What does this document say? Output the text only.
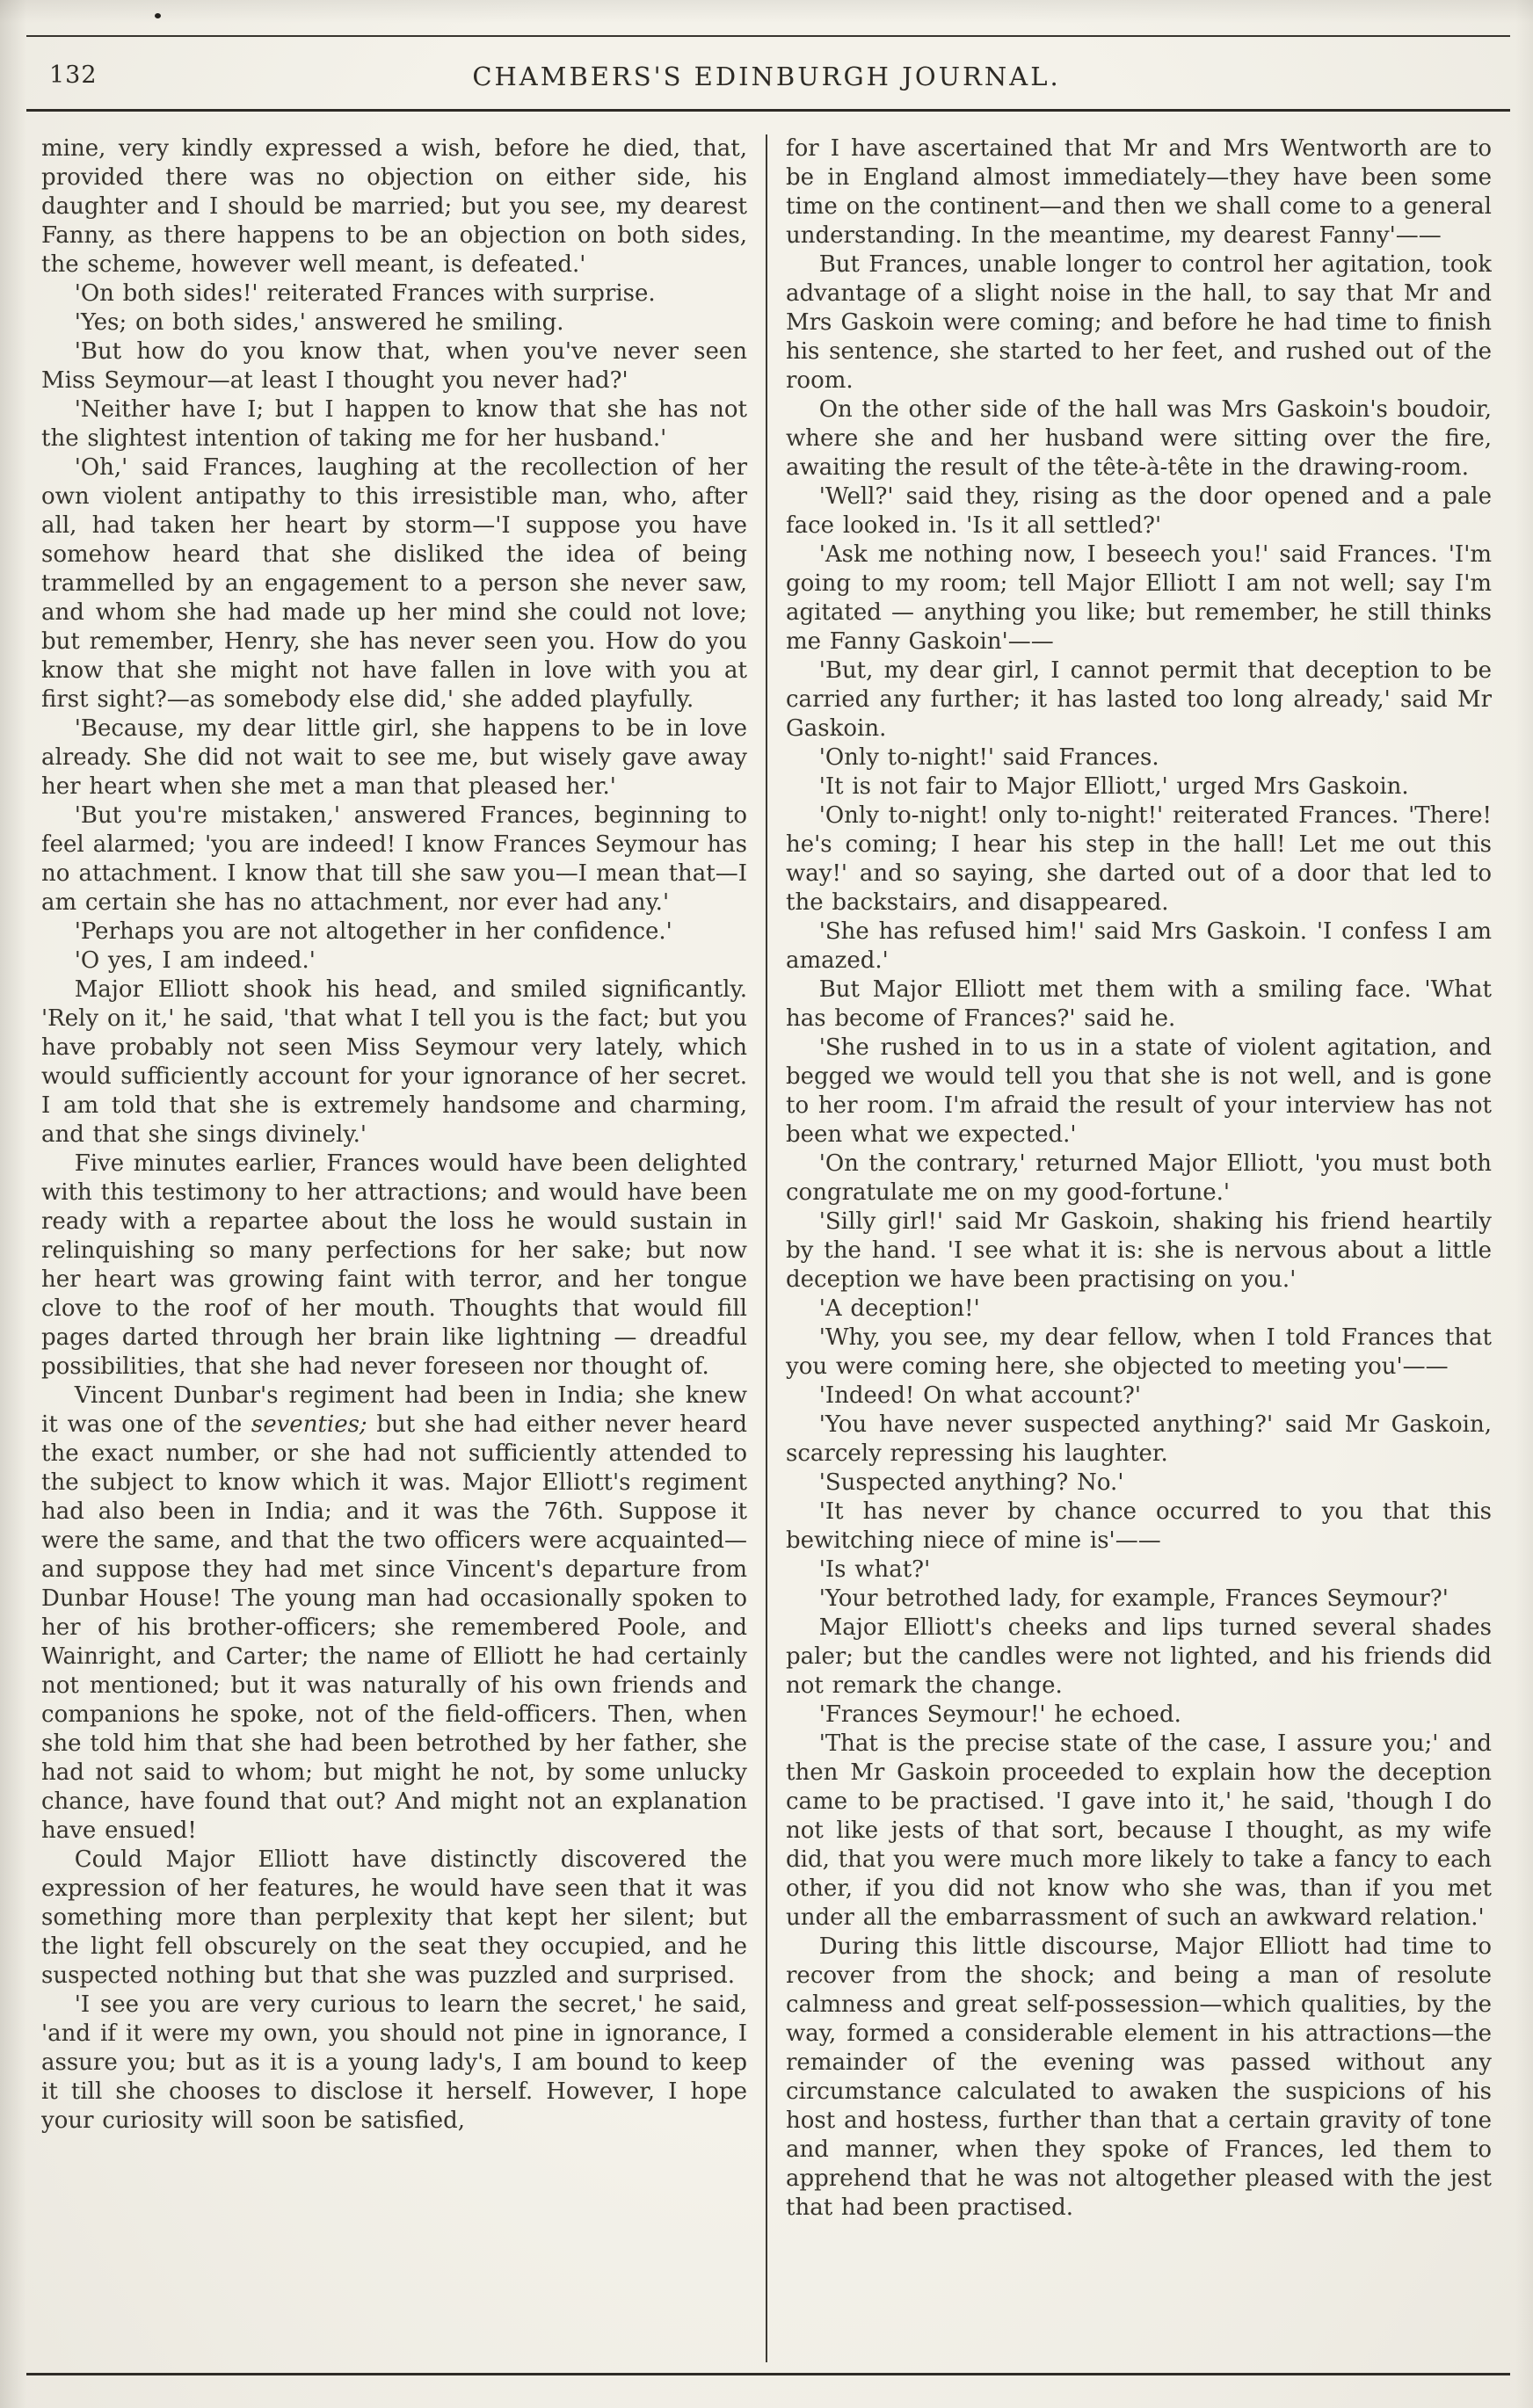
132	CHAMBERS'S EDINBURGH JOURNAL.

mine, very kindly expressed a wish, before he died, that, provided there was no objection on either side, his daughter and I should be married; but you see, my dearest Fanny, as there happens to be an objection on both sides, the scheme, however well meant, is defeated.'

'On both sides!' reiterated Frances with surprise.

'Yes; on both sides,' answered he smiling.

'But how do you know that, when you've never seen Miss Seymour—at least I thought you never had?'

'Neither have I; but I happen to know that she has not the slightest intention of taking me for her husband.'

'Oh,' said Frances, laughing at the recollection of her own violent antipathy to this irresistible man, who, after all, had taken her heart by storm—'I suppose you have somehow heard that she disliked the idea of being trammelled by an engagement to a person she never saw, and whom she had made up her mind she could not love; but remember, Henry, she has never seen you. How do you know that she might not have fallen in love with you at first sight?—as somebody else did,' she added playfully.

'Because, my dear little girl, she happens to be in love already. She did not wait to see me, but wisely gave away her heart when she met a man that pleased her.'

'But you're mistaken,' answered Frances, beginning to feel alarmed; 'you are indeed! I know Frances Seymour has no attachment. I know that till she saw you—I mean that—I am certain she has no attachment, nor ever had any.'

'Perhaps you are not altogether in her confidence.'

'O yes, I am indeed.'

Major Elliott shook his head, and smiled significantly. 'Rely on it,' he said, 'that what I tell you is the fact; but you have probably not seen Miss Seymour very lately, which would sufficiently account for your ignorance of her secret. I am told that she is extremely handsome and charming, and that she sings divinely.'

Five minutes earlier, Frances would have been delighted with this testimony to her attractions; and would have been ready with a repartee about the loss he would sustain in relinquishing so many perfections for her sake; but now her heart was growing faint with terror, and her tongue clove to the roof of her mouth. Thoughts that would fill pages darted through her brain like lightning — dreadful possibilities, that she had never foreseen nor thought of.

Vincent Dunbar's regiment had been in India; she knew it was one of the seventies; but she had either never heard the exact number, or she had not sufficiently attended to the subject to know which it was. Major Elliott's regiment had also been in India; and it was the 76th. Suppose it were the same, and that the two officers were acquainted—and suppose they had met since Vincent's departure from Dunbar House! The young man had occasionally spoken to her of his brother-officers; she remembered Poole, and Wainright, and Carter; the name of Elliott he had certainly not mentioned; but it was naturally of his own friends and companions he spoke, not of the field-officers. Then, when she told him that she had been betrothed by her father, she had not said to whom; but might he not, by some unlucky chance, have found that out? And might not an explanation have ensued!

Could Major Elliott have distinctly discovered the expression of her features, he would have seen that it was something more than perplexity that kept her silent; but the light fell obscurely on the seat they occupied, and he suspected nothing but that she was puzzled and surprised.

'I see you are very curious to learn the secret,' he said, 'and if it were my own, you should not pine in ignorance, I assure you; but as it is a young lady's, I am bound to keep it till she chooses to disclose it herself. However, I hope your curiosity will soon be satisfied,

for I have ascertained that Mr and Mrs Wentworth are to be in England almost immediately—they have been some time on the continent—and then we shall come to a general understanding. In the meantime, my dearest Fanny'——

But Frances, unable longer to control her agitation, took advantage of a slight noise in the hall, to say that Mr and Mrs Gaskoin were coming; and before he had time to finish his sentence, she started to her feet, and rushed out of the room.

On the other side of the hall was Mrs Gaskoin's boudoir, where she and her husband were sitting over the fire, awaiting the result of the tête-à-tête in the drawing-room.

'Well?' said they, rising as the door opened and a pale face looked in. 'Is it all settled?'

'Ask me nothing now, I beseech you!' said Frances. 'I'm going to my room; tell Major Elliott I am not well; say I'm agitated — anything you like; but remember, he still thinks me Fanny Gaskoin'——

'But, my dear girl, I cannot permit that deception to be carried any further; it has lasted too long already,' said Mr Gaskoin.

'Only to-night!' said Frances.

'It is not fair to Major Elliott,' urged Mrs Gaskoin.

'Only to-night! only to-night!' reiterated Frances. 'There! he's coming; I hear his step in the hall! Let me out this way!' and so saying, she darted out of a door that led to the backstairs, and disappeared.

'She has refused him!' said Mrs Gaskoin. 'I confess I am amazed.'

But Major Elliott met them with a smiling face. 'What has become of Frances?' said he.

'She rushed in to us in a state of violent agitation, and begged we would tell you that she is not well, and is gone to her room. I'm afraid the result of your interview has not been what we expected.'

'On the contrary,' returned Major Elliott, 'you must both congratulate me on my good-fortune.'

'Silly girl!' said Mr Gaskoin, shaking his friend heartily by the hand. 'I see what it is: she is nervous about a little deception we have been practising on you.'

'A deception!'

'Why, you see, my dear fellow, when I told Frances that you were coming here, she objected to meeting you'——

'Indeed! On what account?'

'You have never suspected anything?' said Mr Gaskoin, scarcely repressing his laughter.

'Suspected anything? No.'

'It has never by chance occurred to you that this bewitching niece of mine is'——

'Is what?'

'Your betrothed lady, for example, Frances Seymour?'

Major Elliott's cheeks and lips turned several shades paler; but the candles were not lighted, and his friends did not remark the change.

'Frances Seymour!' he echoed.

'That is the precise state of the case, I assure you;' and then Mr Gaskoin proceeded to explain how the deception came to be practised. 'I gave into it,' he said, 'though I do not like jests of that sort, because I thought, as my wife did, that you were much more likely to take a fancy to each other, if you did not know who she was, than if you met under all the embarrassment of such an awkward relation.'

During this little discourse, Major Elliott had time to recover from the shock; and being a man of resolute calmness and great self-possession—which qualities, by the way, formed a considerable element in his attractions—the remainder of the evening was passed without any circumstance calculated to awaken the suspicions of his host and hostess, further than that a certain gravity of tone and manner, when they spoke of Frances, led them to apprehend that he was not altogether pleased with the jest that had been practised.
